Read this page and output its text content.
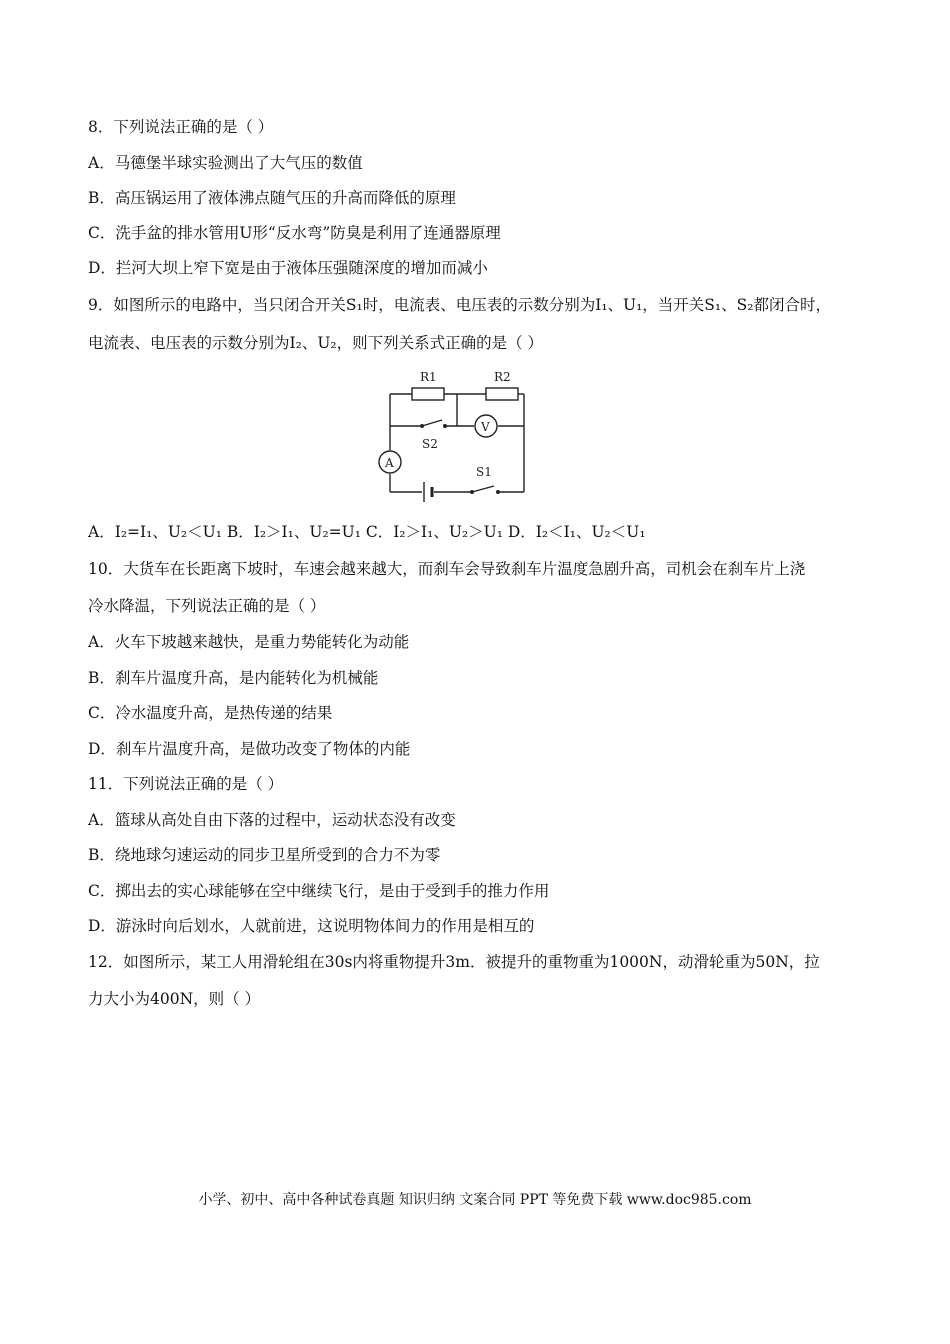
8．下列说法正确的是（ ）
A．马德堡半球实验测出了大气压的数值
B．高压锅运用了液体沸点随气压的升高而降低的原理
C．洗手盆的排水管用U形“反水弯”防臭是利用了连通器原理
D．拦河大坝上窄下宽是由于液体压强随深度的增加而减小
9．如图所示的电路中，当只闭合开关S₁时，电流表、电压表的示数分别为I₁、U₁，当开关S₁、S₂都闭合时，
电流表、电压表的示数分别为I₂、U₂，则下列关系式正确的是（ ）
R1	R2
S2
V
A
S1
A．I₂=I₁、U₂＜U₁ B．I₂＞I₁、U₂=U₁ C．I₂＞I₁、U₂＞U₁ D．I₂＜I₁、U₂＜U₁
10．大货车在长距离下坡时，车速会越来越大，而刹车会导致刹车片温度急剧升高，司机会在刹车片上浇
冷水降温，下列说法正确的是（ ）
A．火车下坡越来越快，是重力势能转化为动能
B．刹车片温度升高，是内能转化为机械能
C．冷水温度升高，是热传递的结果
D．刹车片温度升高，是做功改变了物体的内能
11．下列说法正确的是（ ）
A．篮球从高处自由下落的过程中，运动状态没有改变
B．绕地球匀速运动的同步卫星所受到的合力不为零
C．掷出去的实心球能够在空中继续飞行，是由于受到手的推力作用
D．游泳时向后划水，人就前进，这说明物体间力的作用是相互的
12．如图所示，某工人用滑轮组在30s内将重物提升3m．被提升的重物重为1000N，动滑轮重为50N，拉
力大小为400N，则（ ）
小学、初中、高中各种试卷真题 知识归纳 文案合同 PPT 等免费下载 www.doc985.com
